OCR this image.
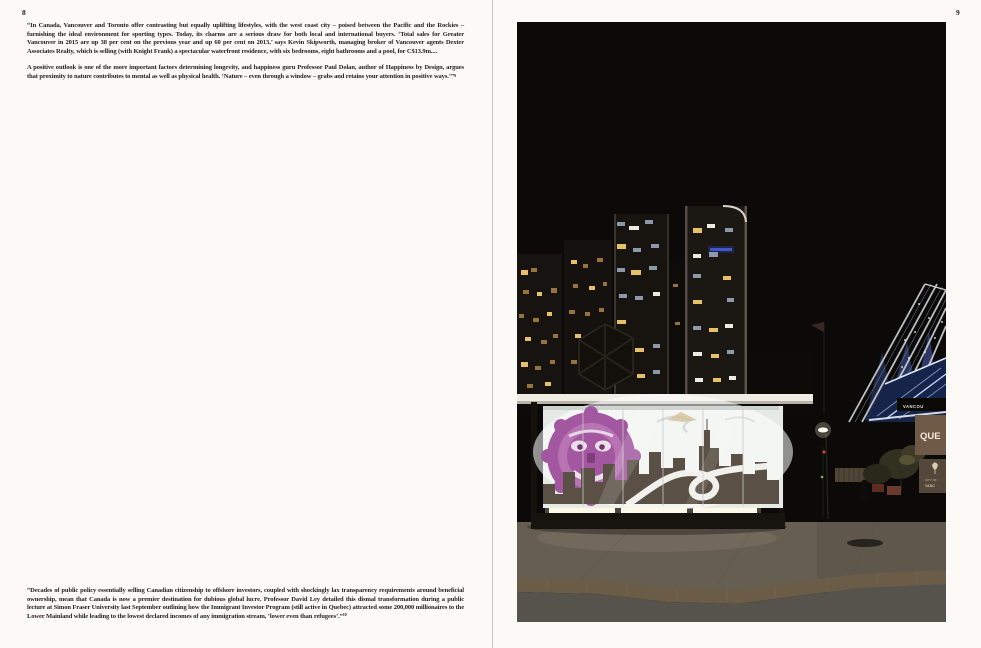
8

“In Canada, Vancouver and Toronto offer contrasting but equally uplifting lifestyles, with the west coast city – poised between the Pacific and the Rockies – furnishing the ideal environment for sporting types. Today, its charms are a serious draw for both local and international buyers. ‘Total sales for Greater Vancouver in 2015 are up 38 per cent on the previous year and up 60 per cent on 2013,’ says Kevin Skipworth, managing broker of Vancouver agents Dexter Associates Realty, which is selling (with Knight Frank) a spectacular waterfront residence, with six bedrooms, eight bathrooms and a pool, for C$13.9m....

A positive outlook is one of the more important factors determining longevity, and happiness guru Professor Paul Dolan, author of Happiness by Design, argues that proximity to nature contributes to mental as well as physical health. ‘Nature – even through a window – grabs and retains your attention in positive ways.’”$^9$

“Decades of public policy essentially selling Canadian citizenship to offshore investors, coupled with shockingly lax transparency requirements around beneficial ownership, mean that Canada is now a premier destination for dubious global lucre. Professor David Ley detailed this dismal transformation during a public lecture at Simon Fraser University last September outlining how the Immigrant Investor Program (still active in Quebec) attracted some 200,000 millionaires to the Lower Mainland while leading to the lowest declared incomes of any immigration stream, ‘lower even than refugees’.”$^{10}$

9
VANCOU
QUE
CITY OF
VANC
